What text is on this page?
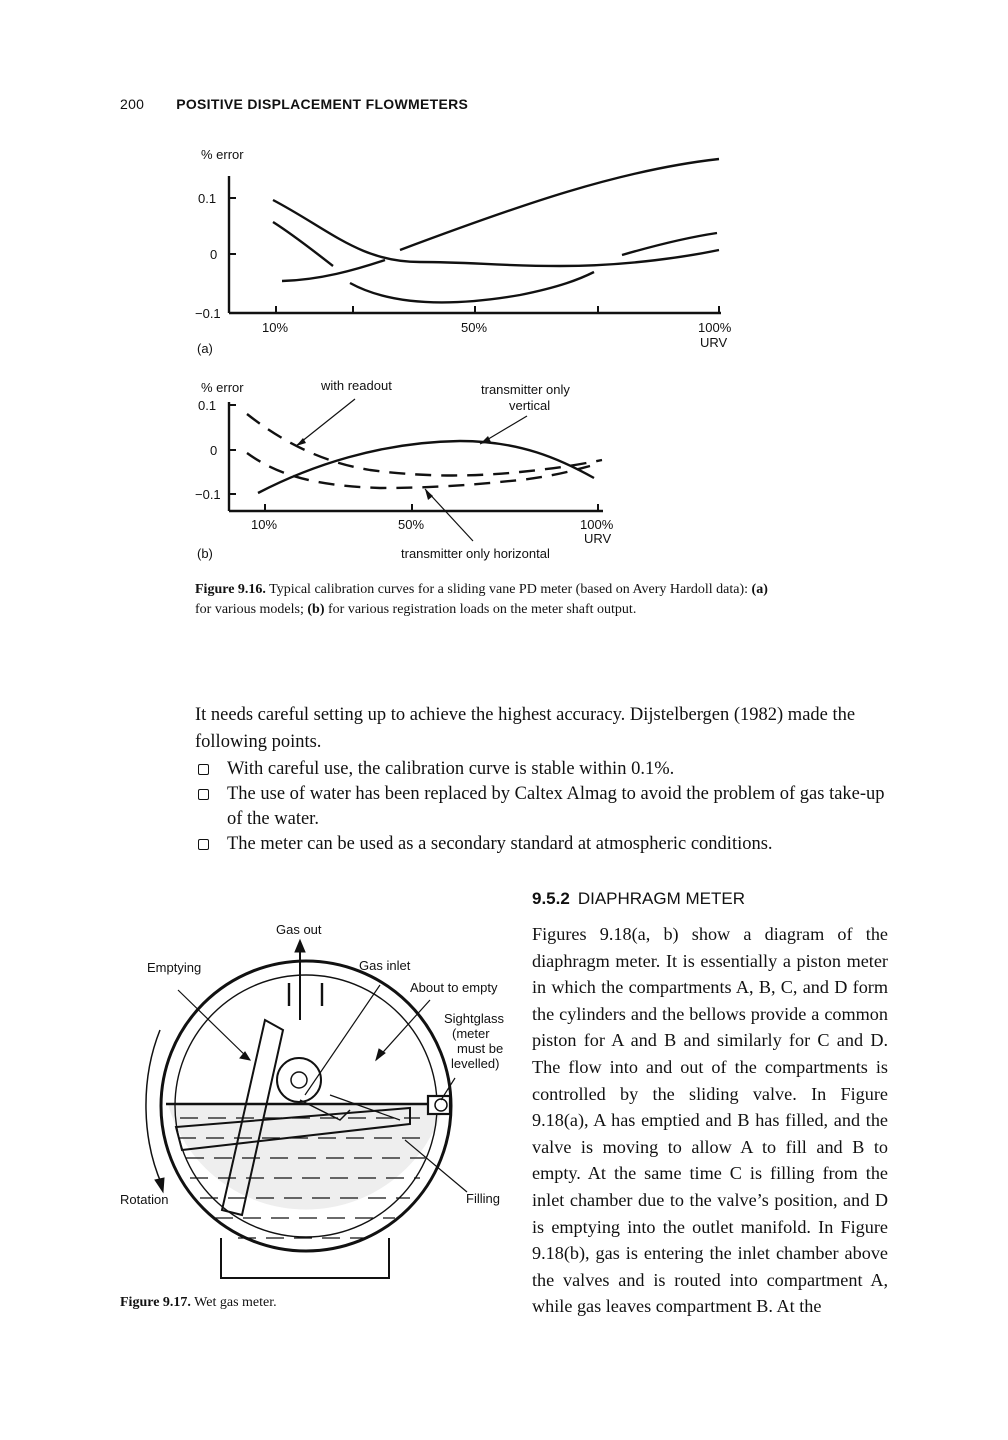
200 POSITIVE DISPLACEMENT FLOWMETERS
% error
0.1
0
−0.1
10%	50%	100%
URV
(a)
% error
0.1
0
−0.1
10%	50%	100%
URV
(b)
with readout	transmitter only
vertical
transmitter only horizontal
Gas out
Emptying	Gas inlet
About to empty
Sightglass
(meter
must be
levelled)
Rotation	Filling
Figure 9.16. Typical calibration curves for a sliding vane PD meter (based on Avery Hardoll data): (a) for various models; (b) for various registration loads on the meter shaft output.

It needs careful setting up to achieve the highest accuracy. Dijstelbergen (1982) made the following points.

With careful use, the calibration curve is stable within 0.1%.
The use of water has been replaced by Caltex Almag to avoid the problem of gas take-up of the water.
The meter can be used as a secondary standard at atmospheric conditions.
9.5.2 DIAPHRAGM METER
Figures 9.18(a, b) show a diagram of the diaphragm meter. It is essentially a piston meter in which the compartments A, B, C, and D form the cylinders and the bellows provide a common piston for A and B and similarly for C and D. The flow into and out of the compartments is controlled by the sliding valve. In Figure 9.18(a), A has emptied and B has filled, and the valve is moving to allow A to fill and B to empty. At the same time C is filling from the inlet chamber due to the valve’s position, and D is emptying into the outlet manifold. In Figure 9.18(b), gas is entering the inlet chamber above the valves and is routed into compartment A, while gas leaves compartment B. At the
Figure 9.17. Wet gas meter.
